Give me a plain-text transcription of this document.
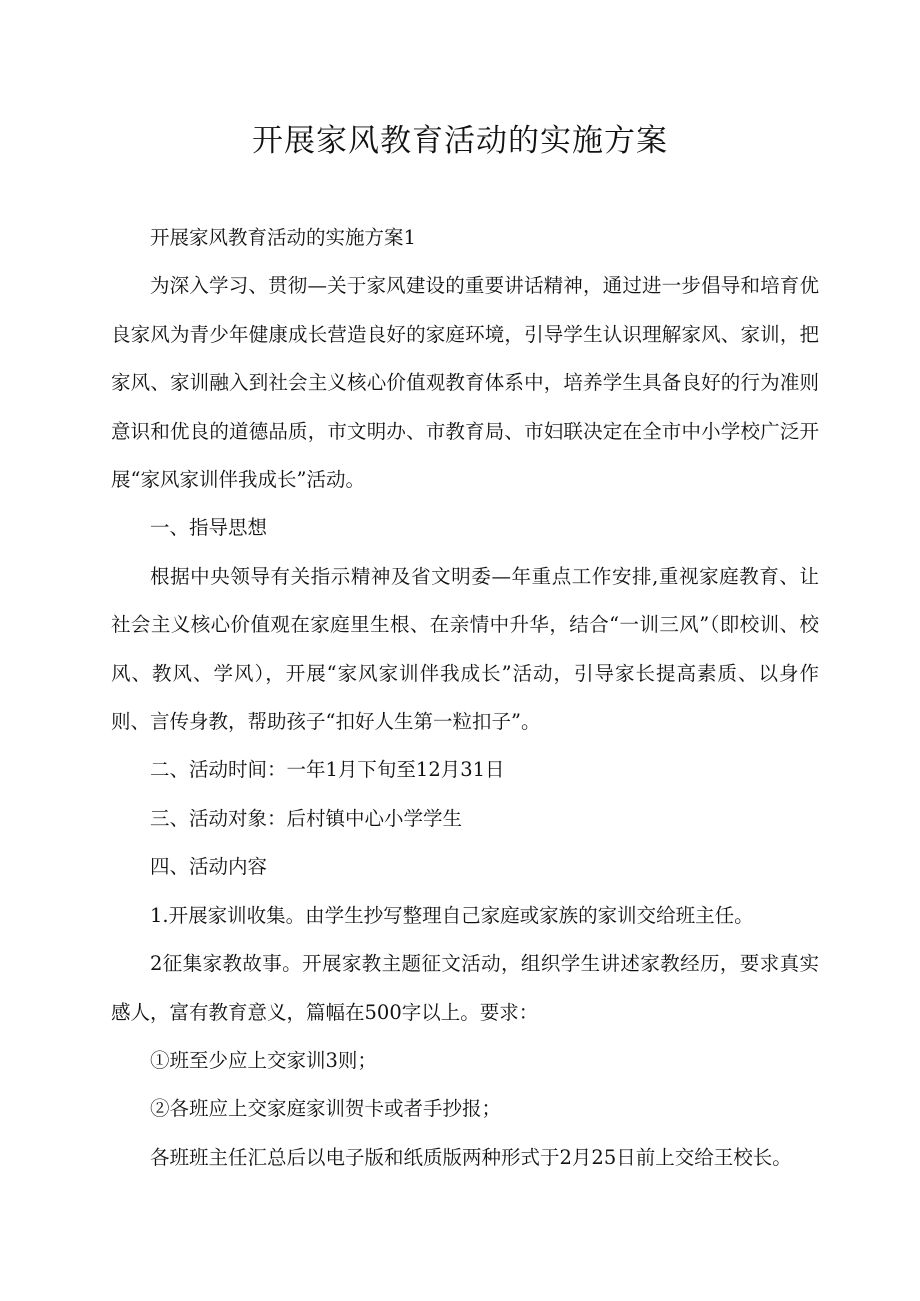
开展家风教育活动的实施方案

开展家风教育活动的实施方案1

为深入学习、贯彻—关于家风建设的重要讲话精神，通过进一步倡导和培育优良家风为青少年健康成长营造良好的家庭环境，引导学生认识理解家风、家训，把家风、家训融入到社会主义核心价值观教育体系中，培养学生具备良好的行为准则意识和优良的道德品质，市文明办、市教育局、市妇联决定在全市中小学校广泛开展“家风家训伴我成长”活动。

一、指导思想

根据中央领导有关指示精神及省文明委—年重点工作安排,重视家庭教育、让社会主义核心价值观在家庭里生根、在亲情中升华，结合“一训三风”（即校训、校风、教风、学风），开展“家风家训伴我成长”活动，引导家长提高素质、以身作则、言传身教，帮助孩子“扣好人生第一粒扣子”。

二、活动时间：一年1月下旬至12月31日

三、活动对象：后村镇中心小学学生

四、活动内容

1.开展家训收集。由学生抄写整理自己家庭或家族的家训交给班主任。

2征集家教故事。开展家教主题征文活动，组织学生讲述家教经历，要求真实感人，富有教育意义，篇幅在500字以上。要求：

①班至少应上交家训3则；

②各班应上交家庭家训贺卡或者手抄报；

各班班主任汇总后以电子版和纸质版两种形式于2月25日前上交给王校长。
